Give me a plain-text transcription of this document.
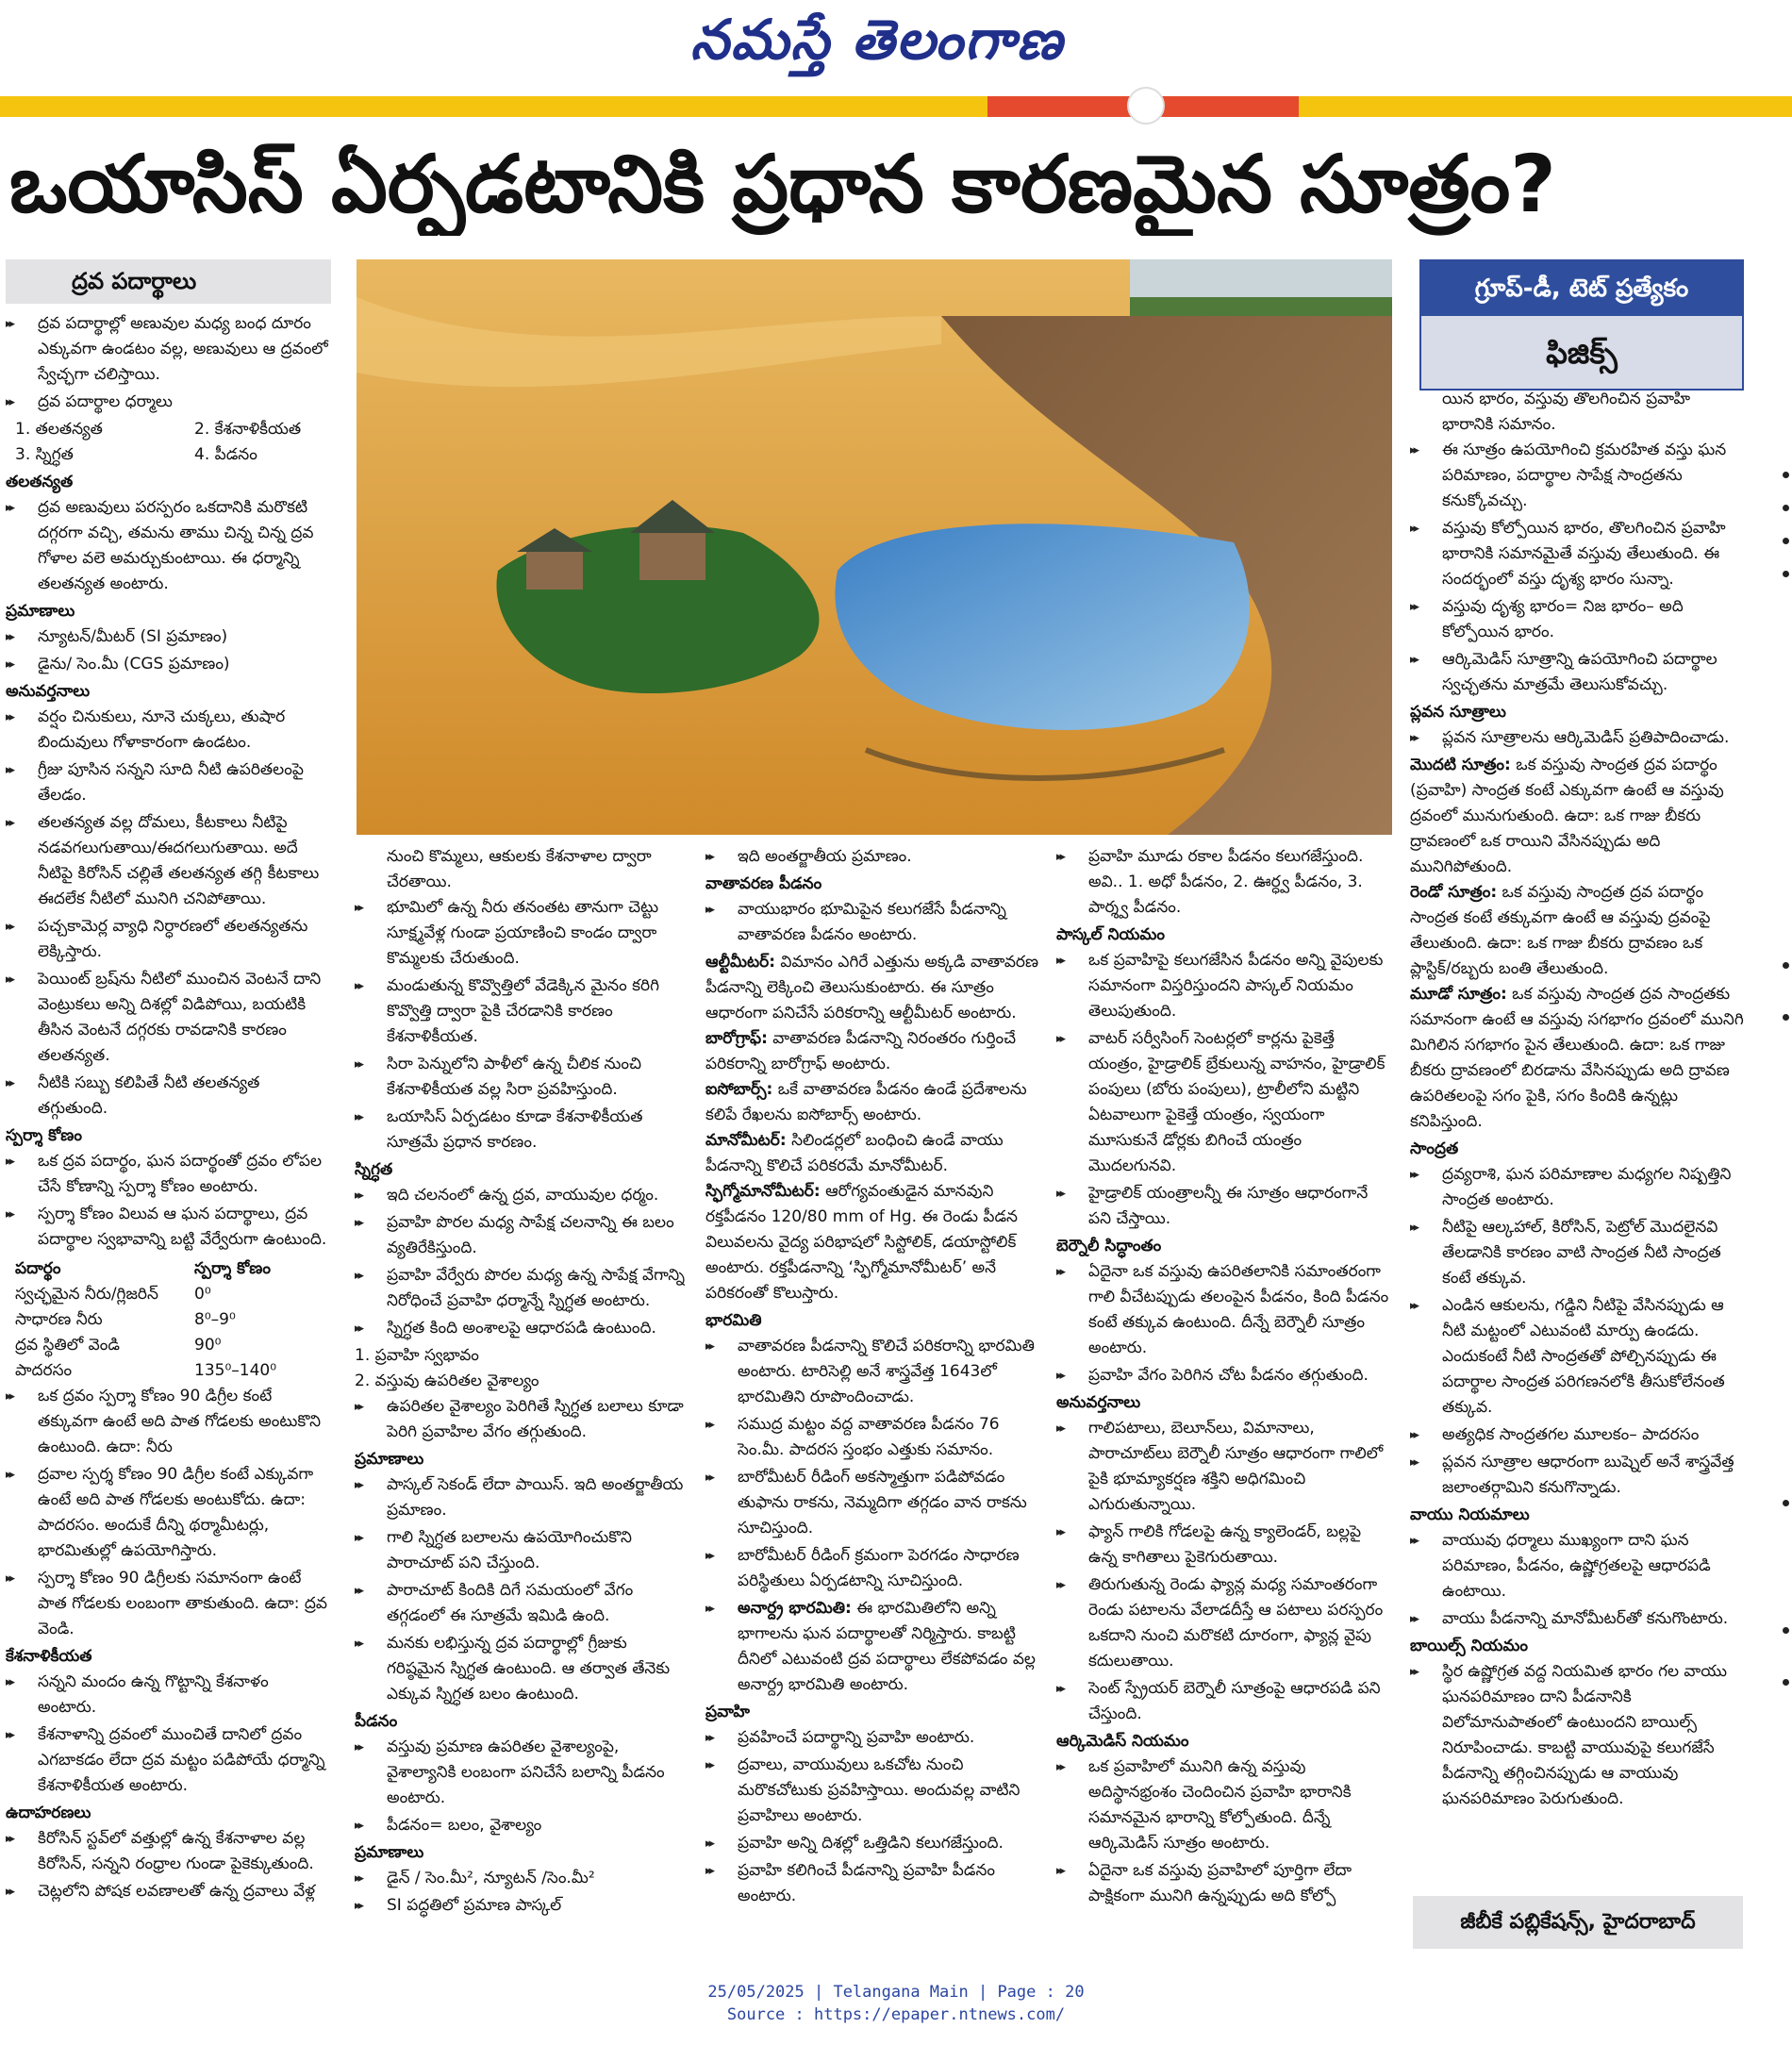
నమస్తే తెలంగాణ
ఒయాసిస్ ఏర్పడటానికి ప్రధాన కారణమైన సూత్రం?
గ్రూప్-డీ, టెట్ ప్రత్యేకం
ఫిజిక్స్
ద్రవ పదార్థాలు
▸▸ ద్రవ పదార్థాల్లో అణువుల మధ్య బంధ దూరం ఎక్కువగా ఉండటం వల్ల, అణువులు ఆ ద్రవంలో స్వేచ్ఛగా చలిస్తాయి.
▸▸ ద్రవ పదార్థాల ధర్మాలు
1. తలతన్యత	2. కేశనాళికీయత
3. స్నిగ్ధత	4. పీడనం
తలతన్యత
▸▸ ద్రవ అణువులు పరస్పరం ఒకదానికి మరొకటి దగ్గరగా వచ్చి, తమను తాము చిన్న చిన్న ద్రవ గోళాల వలె అమర్చుకుంటాయి. ఈ ధర్మాన్ని తలతన్యత అంటారు.
ప్రమాణాలు
▸▸ న్యూటన్/మీటర్ (SI ప్రమాణం)
▸▸ డైను/ సెం.మీ (CGS ప్రమాణం)
అనువర్తనాలు
▸▸ వర్షం చినుకులు, నూనె చుక్కలు, తుషార బిందువులు గోళాకారంగా ఉండటం.
▸▸ గ్రీజు పూసిన సన్నని సూది నీటి ఉపరితలంపై తేలడం.
▸▸ తలతన్యత వల్ల దోమలు, కీటకాలు నీటిపై నడవగలుగుతాయి/ఈదగలుగుతాయి. అదే నీటిపై కిరోసిన్ చల్లితే తలతన్యత తగ్గి కీటకాలు ఈదలేక నీటిలో మునిగి చనిపోతాయి.
▸▸ పచ్చకామెర్ల వ్యాధి నిర్ధారణలో తలతన్యతను లెక్కిస్తారు.
▸▸ పెయింట్ బ్రష్‌ను నీటిలో ముంచిన వెంటనే దాని వెంట్రుకలు అన్ని దిశల్లో విడిపోయి, బయటికి తీసిన వెంటనే దగ్గరకు రావడానికి కారణం తలతన్యత.
▸▸ నీటికి సబ్బు కలిపితే నీటి తలతన్యత తగ్గుతుంది.
స్పర్శా కోణం
▸▸ ఒక ద్రవ పదార్థం, ఘన పదార్థంతో ద్రవం లోపల చేసే కోణాన్ని స్పర్శా కోణం అంటారు.
▸▸ స్పర్శా కోణం విలువ ఆ ఘన పదార్థాలు, ద్రవ పదార్థాల స్వభావాన్ని బట్టి వేర్వేరుగా ఉంటుంది.
పదార్థం	స్పర్శా కోణం
స్వచ్ఛమైన నీరు/గ్లిజరిన్	0⁰
సాధారణ నీరు	8⁰–9⁰
ద్రవ స్థితిలో వెండి	90⁰
పాదరసం	135⁰–140⁰
▸▸ ఒక ద్రవం స్పర్శా కోణం 90 డిగ్రీల కంటే తక్కువగా ఉంటే అది పాత గోడలకు అంటుకొని ఉంటుంది. ఉదా: నీరు
▸▸ ద్రవాల స్పర్శ కోణం 90 డిగ్రీల కంటే ఎక్కువగా ఉంటే అది పాత గోడలకు అంటుకోదు. ఉదా: పాదరసం. అందుకే దీన్ని థర్మామీటర్లు, భారమితుల్లో ఉపయోగిస్తారు.
▸▸ స్పర్శా కోణం 90 డిగ్రీలకు సమానంగా ఉంటే పాత గోడలకు లంబంగా తాకుతుంది. ఉదా: ద్రవ వెండి.
కేశనాళికీయత
▸▸ సన్నని మందం ఉన్న గొట్టాన్ని కేశనాళం అంటారు.
▸▸ కేశనాళాన్ని ద్రవంలో ముంచితే దానిలో ద్రవం ఎగబాకడం లేదా ద్రవ మట్టం పడిపోయే ధర్మాన్ని కేశనాళికీయత అంటారు.
ఉదాహరణలు
▸▸ కిరోసిన్ స్టవ్‌లో వత్తుల్లో ఉన్న కేశనాళాల వల్ల కిరోసిన్, సన్నని రంధ్రాల గుండా పైకెక్కుతుంది.
▸▸ చెట్లలోని పోషక లవణాలతో ఉన్న ద్రవాలు వేళ్ల
నుంచి కొమ్మలు, ఆకులకు కేశనాళాల ద్వారా చేరతాయి.
▸▸ భూమిలో ఉన్న నీరు తనంతట తానుగా చెట్టు సూక్ష్మవేళ్ల గుండా ప్రయాణించి కాండం ద్వారా కొమ్మలకు చేరుతుంది.
▸▸ మండుతున్న కొవ్వొత్తిలో వేడెక్కిన మైనం కరిగి కొవ్వొత్తి ద్వారా పైకి చేరడానికి కారణం కేశనాళికీయత.
▸▸ సిరా పెన్నులోని పాళీలో ఉన్న చీలిక నుంచి కేశనాళికీయత వల్ల సిరా ప్రవహిస్తుంది.
▸▸ ఒయాసిస్ ఏర్పడటం కూడా కేశనాళికీయత సూత్రమే ప్రధాన కారణం.
స్నిగ్ధత
▸▸ ఇది చలనంలో ఉన్న ద్రవ, వాయువుల ధర్మం.
▸▸ ప్రవాహి పొరల మధ్య సాపేక్ష చలనాన్ని ఈ బలం వ్యతిరేకిస్తుంది.
▸▸ ప్రవాహి వేర్వేరు పొరల మధ్య ఉన్న సాపేక్ష వేగాన్ని నిరోధించే ప్రవాహి ధర్మాన్నే స్నిగ్ధత అంటారు.
▸▸ స్నిగ్ధత కింది అంశాలపై ఆధారపడి ఉంటుంది.
1. ప్రవాహి స్వభావం
2. వస్తువు ఉపరితల వైశాల్యం
▸▸ ఉపరితల వైశాల్యం పెరిగితే స్నిగ్ధత బలాలు కూడా పెరిగి ప్రవాహిల వేగం తగ్గుతుంది.
ప్రమాణాలు
▸▸ పాస్కల్ సెకండ్ లేదా పాయిస్. ఇది అంతర్జాతీయ ప్రమాణం.
▸▸ గాలి స్నిగ్ధత బలాలను ఉపయోగించుకొని పారాచూట్ పని చేస్తుంది.
▸▸ పారాచూట్ కిందికి దిగే సమయంలో వేగం తగ్గడంలో ఈ సూత్రమే ఇమిడి ఉంది.
▸▸ మనకు లభిస్తున్న ద్రవ పదార్థాల్లో గ్రీజుకు గరిష్ఠమైన స్నిగ్ధత ఉంటుంది. ఆ తర్వాత తేనెకు ఎక్కువ స్నిగ్ధత బలం ఉంటుంది.
పీడనం
▸▸ వస్తువు ప్రమాణ ఉపరితల వైశాల్యంపై, వైశాల్యానికి లంబంగా పనిచేసే బలాన్ని పీడనం అంటారు.
▸▸ పీడనం= బలం, వైశాల్యం
ప్రమాణాలు
▸▸ డైన్ / సెం.మీ², న్యూటన్ /సెం.మీ²
▸▸ SI పద్ధతిలో ప్రమాణ పాస్కల్
▸▸ ఇది అంతర్జాతీయ ప్రమాణం.
వాతావరణ పీడనం
▸▸ వాయుభారం భూమిపైన కలుగజేసే పీడనాన్ని వాతావరణ పీడనం అంటారు.
ఆల్టీమీటర్: విమానం ఎగిరే ఎత్తును అక్కడి వాతావరణ పీడనాన్ని లెక్కించి తెలుసుకుంటారు. ఈ సూత్రం ఆధారంగా పనిచేసే పరికరాన్ని ఆల్టీమీటర్ అంటారు.
బారోగ్రాఫ్: వాతావరణ పీడనాన్ని నిరంతరం గుర్తించే పరికరాన్ని బారోగ్రాఫ్ అంటారు.
ఐసోబార్స్: ఒకే వాతావరణ పీడనం ఉండే ప్రదేశాలను కలిపే రేఖలను ఐసోబార్స్ అంటారు.
మానోమీటర్: సిలిండర్లలో బంధించి ఉండే వాయు పీడనాన్ని కొలిచే పరికరమే మానోమీటర్.
స్ఫిగ్మోమానోమీటర్: ఆరోగ్యవంతుడైన మానవుని రక్తపీడనం 120/80 mm of Hg. ఈ రెండు పీడన విలువలను వైద్య పరిభాషలో సిస్టోలిక్, డయాస్టోలిక్ అంటారు. రక్తపీడనాన్ని ‘స్ఫిగ్మోమానోమీటర్’ అనే పరికరంతో కొలుస్తారు.
భారమితి
▸▸ వాతావరణ పీడనాన్ని కొలిచే పరికరాన్ని భారమితి అంటారు. టారిసెల్లి అనే శాస్త్రవేత్త 1643లో భారమితిని రూపొందించాడు.
▸▸ సముద్ర మట్టం వద్ద వాతావరణ పీడనం 76 సెం.మీ. పాదరస స్తంభం ఎత్తుకు సమానం.
▸▸ బారోమీటర్ రీడింగ్ అకస్మాత్తుగా పడిపోవడం తుఫాను రాకను, నెమ్మదిగా తగ్గడం వాన రాకను సూచిస్తుంది.
▸▸ బారోమీటర్ రీడింగ్ క్రమంగా పెరగడం సాధారణ పరిస్థితులు ఏర్పడటాన్ని సూచిస్తుంది.
▸▸ అనార్ద్ర భారమితి: ఈ భారమితిలోని అన్ని భాగాలను ఘన పదార్థాలతో నిర్మిస్తారు. కాబట్టి దీనిలో ఎటువంటి ద్రవ పదార్థాలు లేకపోవడం వల్ల అనార్ద్ర భారమితి అంటారు.
ప్రవాహి
▸▸ ప్రవహించే పదార్థాన్ని ప్రవాహి అంటారు.
▸▸ ద్రవాలు, వాయువులు ఒకచోట నుంచి మరొకచోటుకు ప్రవహిస్తాయి. అందువల్ల వాటిని ప్రవాహిలు అంటారు.
▸▸ ప్రవాహి అన్ని దిశల్లో ఒత్తిడిని కలుగజేస్తుంది.
▸▸ ప్రవాహి కలిగించే పీడనాన్ని ప్రవాహి పీడనం అంటారు.
▸▸ ప్రవాహి మూడు రకాల పీడనం కలుగజేస్తుంది. అవి.. 1. అధో పీడనం, 2. ఊర్ధ్వ పీడనం, 3. పార్శ్వ పీడనం.
పాస్కల్ నియమం
▸▸ ఒక ప్రవాహిపై కలుగజేసిన పీడనం అన్ని వైపులకు సమానంగా విస్తరిస్తుందని పాస్కల్ నియమం తెలుపుతుంది.
▸▸ వాటర్ సర్వీసింగ్ సెంటర్లలో కార్లను పైకెత్తే యంత్రం, హైడ్రాలిక్ బ్రేకులున్న వాహనం, హైడ్రాలిక్ పంపులు (బోరు పంపులు), ట్రాలీలోని మట్టిని ఏటవాలుగా పైకెత్తే యంత్రం, స్వయంగా మూసుకునే డోర్లకు బిగించే యంత్రం మొదలగునవి.
▸▸ హైడ్రాలిక్ యంత్రాలన్నీ ఈ సూత్రం ఆధారంగానే పని చేస్తాయి.
బెర్నౌలీ సిద్ధాంతం
▸▸ ఏదైనా ఒక వస్తువు ఉపరితలానికి సమాంతరంగా గాలి వీచేటప్పుడు తలంపైన పీడనం, కింది పీడనం కంటే తక్కువ ఉంటుంది. దీన్నే బెర్నౌలీ సూత్రం అంటారు.
▸▸ ప్రవాహి వేగం పెరిగిన చోట పీడనం తగ్గుతుంది.
అనువర్తనాలు
▸▸ గాలిపటాలు, బెలూన్‌లు, విమానాలు, పారాచూట్‌లు బెర్నౌలీ సూత్రం ఆధారంగా గాలిలో పైకి భూమ్యాకర్షణ శక్తిని అధిగమించి ఎగురుతున్నాయి.
▸▸ ఫ్యాన్ గాలికి గోడలపై ఉన్న క్యాలెండర్, బల్లపై ఉన్న కాగితాలు పైకెగురుతాయి.
▸▸ తిరుగుతున్న రెండు ఫ్యాన్ల మధ్య సమాంతరంగా రెండు పటాలను వేలాడదీస్తే ఆ పటాలు పరస్పరం ఒకదాని నుంచి మరొకటి దూరంగా, ఫ్యాన్ల వైపు కదులుతాయి.
▸▸ సెంట్ స్ప్రేయర్ బెర్నౌలీ సూత్రంపై ఆధారపడి పని చేస్తుంది.
ఆర్కిమెడిస్ నియమం
▸▸ ఒక ప్రవాహిలో మునిగి ఉన్న వస్తువు అదిస్థానభ్రంశం చెందించిన ప్రవాహి భారానికి సమానమైన భారాన్ని కోల్పోతుంది. దీన్నే ఆర్కిమెడిస్ సూత్రం అంటారు.
▸▸ ఏదైనా ఒక వస్తువు ప్రవాహిలో పూర్తిగా లేదా పాక్షికంగా మునిగి ఉన్నప్పుడు అది కోల్పో
యిన భారం, వస్తువు తొలగించిన ప్రవాహి భారానికి సమానం.
▸▸ ఈ సూత్రం ఉపయోగించి క్రమరహిత వస్తు ఘన పరిమాణం, పదార్థాల సాపేక్ష సాంద్రతను కనుక్కోవచ్చు.
▸▸ వస్తువు కోల్పోయిన భారం, తొలగించిన ప్రవాహి భారానికి సమానమైతే వస్తువు తేలుతుంది. ఈ సందర్భంలో వస్తు దృశ్య భారం సున్నా.
▸▸ వస్తువు దృశ్య భారం= నిజ భారం– అది కోల్పోయిన భారం.
▸▸ ఆర్కిమెడిస్ సూత్రాన్ని ఉపయోగించి పదార్థాల స్వచ్ఛతను మాత్రమే తెలుసుకోవచ్చు.
ప్లవన సూత్రాలు
▸▸ ప్లవన సూత్రాలను ఆర్కిమెడిస్ ప్రతిపాదించాడు.
మొదటి సూత్రం: ఒక వస్తువు సాంద్రత ద్రవ పదార్థం (ప్రవాహి) సాంద్రత కంటే ఎక్కువగా ఉంటే ఆ వస్తువు ద్రవంలో మునుగుతుంది. ఉదా: ఒక గాజు బీకరు ద్రావణంలో ఒక రాయిని వేసినప్పుడు అది మునిగిపోతుంది.
రెండో సూత్రం: ఒక వస్తువు సాంద్రత ద్రవ పదార్థం సాంద్రత కంటే తక్కువగా ఉంటే ఆ వస్తువు ద్రవంపై తేలుతుంది. ఉదా: ఒక గాజు బీకరు ద్రావణం ఒక ప్లాస్టిక్/రబ్బరు బంతి తేలుతుంది.
మూడో సూత్రం: ఒక వస్తువు సాంద్రత ద్రవ సాంద్రతకు సమానంగా ఉంటే ఆ వస్తువు సగభాగం ద్రవంలో మునిగి మిగిలిన సగభాగం పైన తేలుతుంది. ఉదా: ఒక గాజు బీకరు ద్రావణంలో బిరడాను వేసినప్పుడు అది ద్రావణ ఉపరితలంపై సగం పైకి, సగం కిందికి ఉన్నట్లు కనిపిస్తుంది.
సాంద్రత
▸▸ ద్రవ్యరాశి, ఘన పరిమాణాల మధ్యగల నిష్పత్తిని సాంద్రత అంటారు.
▸▸ నీటిపై ఆల్కహాల్, కిరోసిన్, పెట్రోల్ మొదలైనవి తేలడానికి కారణం వాటి సాంద్రత నీటి సాంద్రత కంటే తక్కువ.
▸▸ ఎండిన ఆకులను, గడ్డిని నీటిపై వేసినప్పుడు ఆ నీటి మట్టంలో ఎటువంటి మార్పు ఉండదు. ఎందుకంటే నీటి సాంద్రతతో పోల్చినప్పుడు ఈ పదార్థాల సాంద్రత పరిగణనలోకి తీసుకోలేనంత తక్కువ.
▸▸ అత్యధిక సాంద్రతగల మూలకం– పాదరసం
▸▸ ప్లవన సూత్రాల ఆధారంగా బుష్నెల్ అనే శాస్త్రవేత్త జలాంతర్గామిని కనుగొన్నాడు.
వాయు నియమాలు
▸▸ వాయువు ధర్మాలు ముఖ్యంగా దాని ఘన పరిమాణం, పీడనం, ఉష్ణోగ్రతలపై ఆధారపడి ఉంటాయి.
▸▸ వాయు పీడనాన్ని మానోమీటర్‌తో కనుగొంటారు.
బాయిల్స్ నియమం
▸▸ స్థిర ఉష్ణోగ్రత వద్ద నియమిత భారం గల వాయు ఘనపరిమాణం దాని పీడనానికి విలోమానుపాతంలో ఉంటుందని బాయిల్స్ నిరూపించాడు. కాబట్టి వాయువుపై కలుగజేసే పీడనాన్ని తగ్గించినప్పుడు ఆ వాయువు ఘనపరిమాణం పెరుగుతుంది.
జీబీకే పబ్లికేషన్స్, హైదరాబాద్
25/05/2025 | Telangana Main | Page : 20
Source : https://epaper.ntnews.com/
